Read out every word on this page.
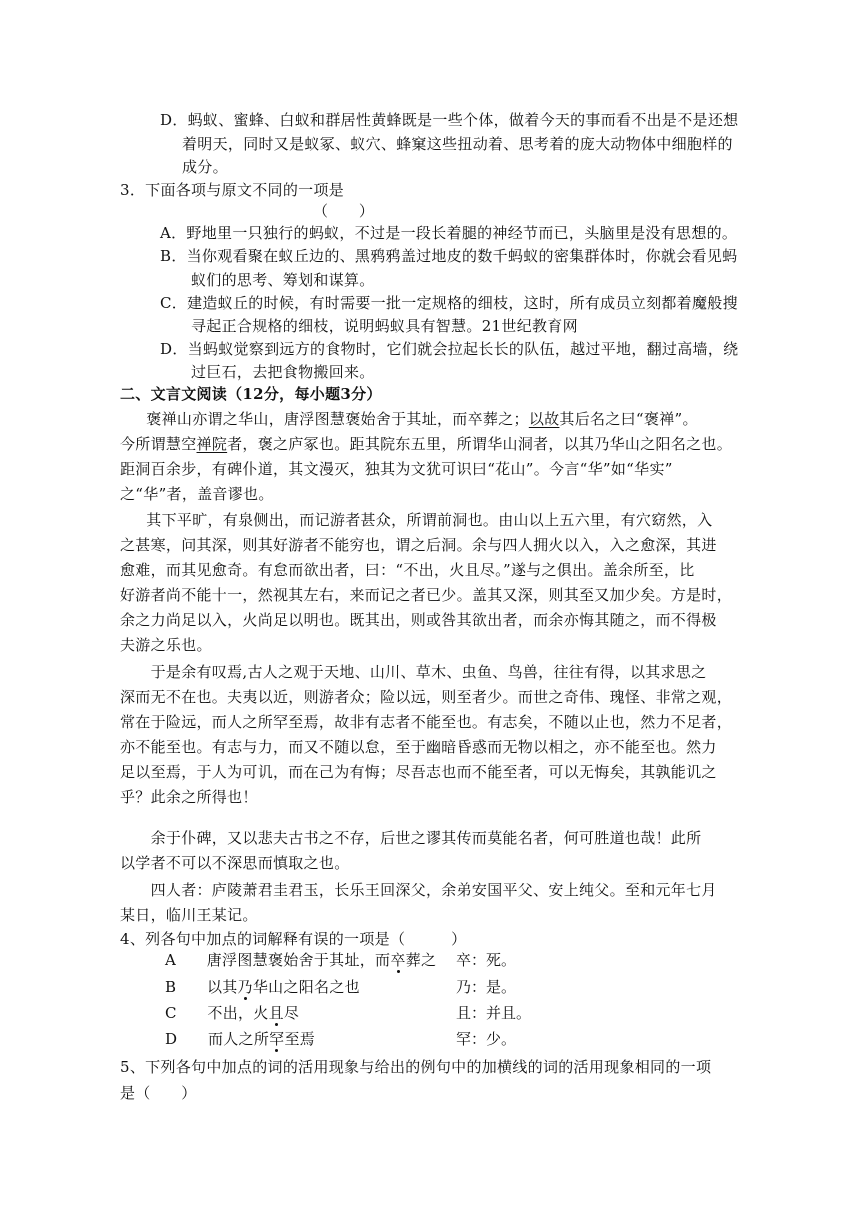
D．蚂蚁、蜜蜂、白蚁和群居性黄蜂既是一些个体，做着今天的事而看不出是不是还想
着明天，同时又是蚁冢、蚁穴、蜂窠这些扭动着、思考着的庞大动物体中细胞样的
成分。
3．下面各项与原文不同的一项是
（　　）
A．野地里一只独行的蚂蚁，不过是一段长着腿的神经节而已，头脑里是没有思想的。
B．当你观看聚在蚁丘边的、黑鸦鸦盖过地皮的数千蚂蚁的密集群体时，你就会看见蚂
蚁们的思考、筹划和谋算。
C．建造蚁丘的时候，有时需要一批一定规格的细枝，这时，所有成员立刻都着魔般搜
寻起正合规格的细枝，说明蚂蚁具有智慧。21世纪教育网
D．当蚂蚁觉察到远方的食物时，它们就会拉起长长的队伍，越过平地，翻过高墙，绕
过巨石，去把食物搬回来。
二、文言文阅读（12分，每小题3分）
　褒禅山亦谓之华山，唐浮图慧褒始舍于其址，而卒葬之；以故其后名之曰“褒禅”。
今所谓慧空禅院者，褒之庐冢也。距其院东五里，所谓华山洞者，以其乃华山之阳名之也。
距洞百余步，有碑仆道，其文漫灭，独其为文犹可识曰“花山”。今言“华”如“华实”
之“华”者，盖音谬也。
　其下平旷，有泉侧出，而记游者甚众，所谓前洞也。由山以上五六里，有穴窈然，入
之甚寒，问其深，则其好游者不能穷也，谓之后洞。余与四人拥火以入，入之愈深，其进
愈难，而其见愈奇。有怠而欲出者，曰：“不出，火且尽。”遂与之俱出。盖余所至，比
好游者尚不能十一，然视其左右，来而记之者已少。盖其又深，则其至又加少矣。方是时，
余之力尚足以入，火尚足以明也。既其出，则或咎其欲出者，而余亦悔其随之，而不得极
夫游之乐也。
　　于是余有叹焉,古人之观于天地、山川、草木、虫鱼、鸟兽，往往有得，以其求思之
深而无不在也。夫夷以近，则游者众；险以远，则至者少。而世之奇伟、瑰怪、非常之观，
常在于险远，而人之所罕至焉，故非有志者不能至也。有志矣，不随以止也，然力不足者，
亦不能至也。有志与力，而又不随以怠，至于幽暗昏惑而无物以相之，亦不能至也。然力
足以至焉，于人为可讥，而在己为有悔；尽吾志也而不能至者，可以无悔矣，其孰能讥之
乎？此余之所得也！
　　余于仆碑，又以悲夫古书之不存，后世之谬其传而莫能名者，何可胜道也哉！此所
以学者不可以不深思而慎取之也。
　　四人者：庐陵萧君圭君玉，长乐王回深父，余弟安国平父、安上纯父。至和元年七月
某日，临川王某记。
4、列各句中加点的词解释有误的一项是（　　　）
A　　 唐浮图慧褒始舍于其址，而卒葬之 卒：死。
B　　 以其乃华山之阳名之也	乃：是。
C　　 不出，火且尽	且：并且。
D　　 而人之所罕至焉	罕：少。
5、下列各句中加点的词的活用现象与给出的例句中的加横线的词的活用现象相同的一项
是（　　）
